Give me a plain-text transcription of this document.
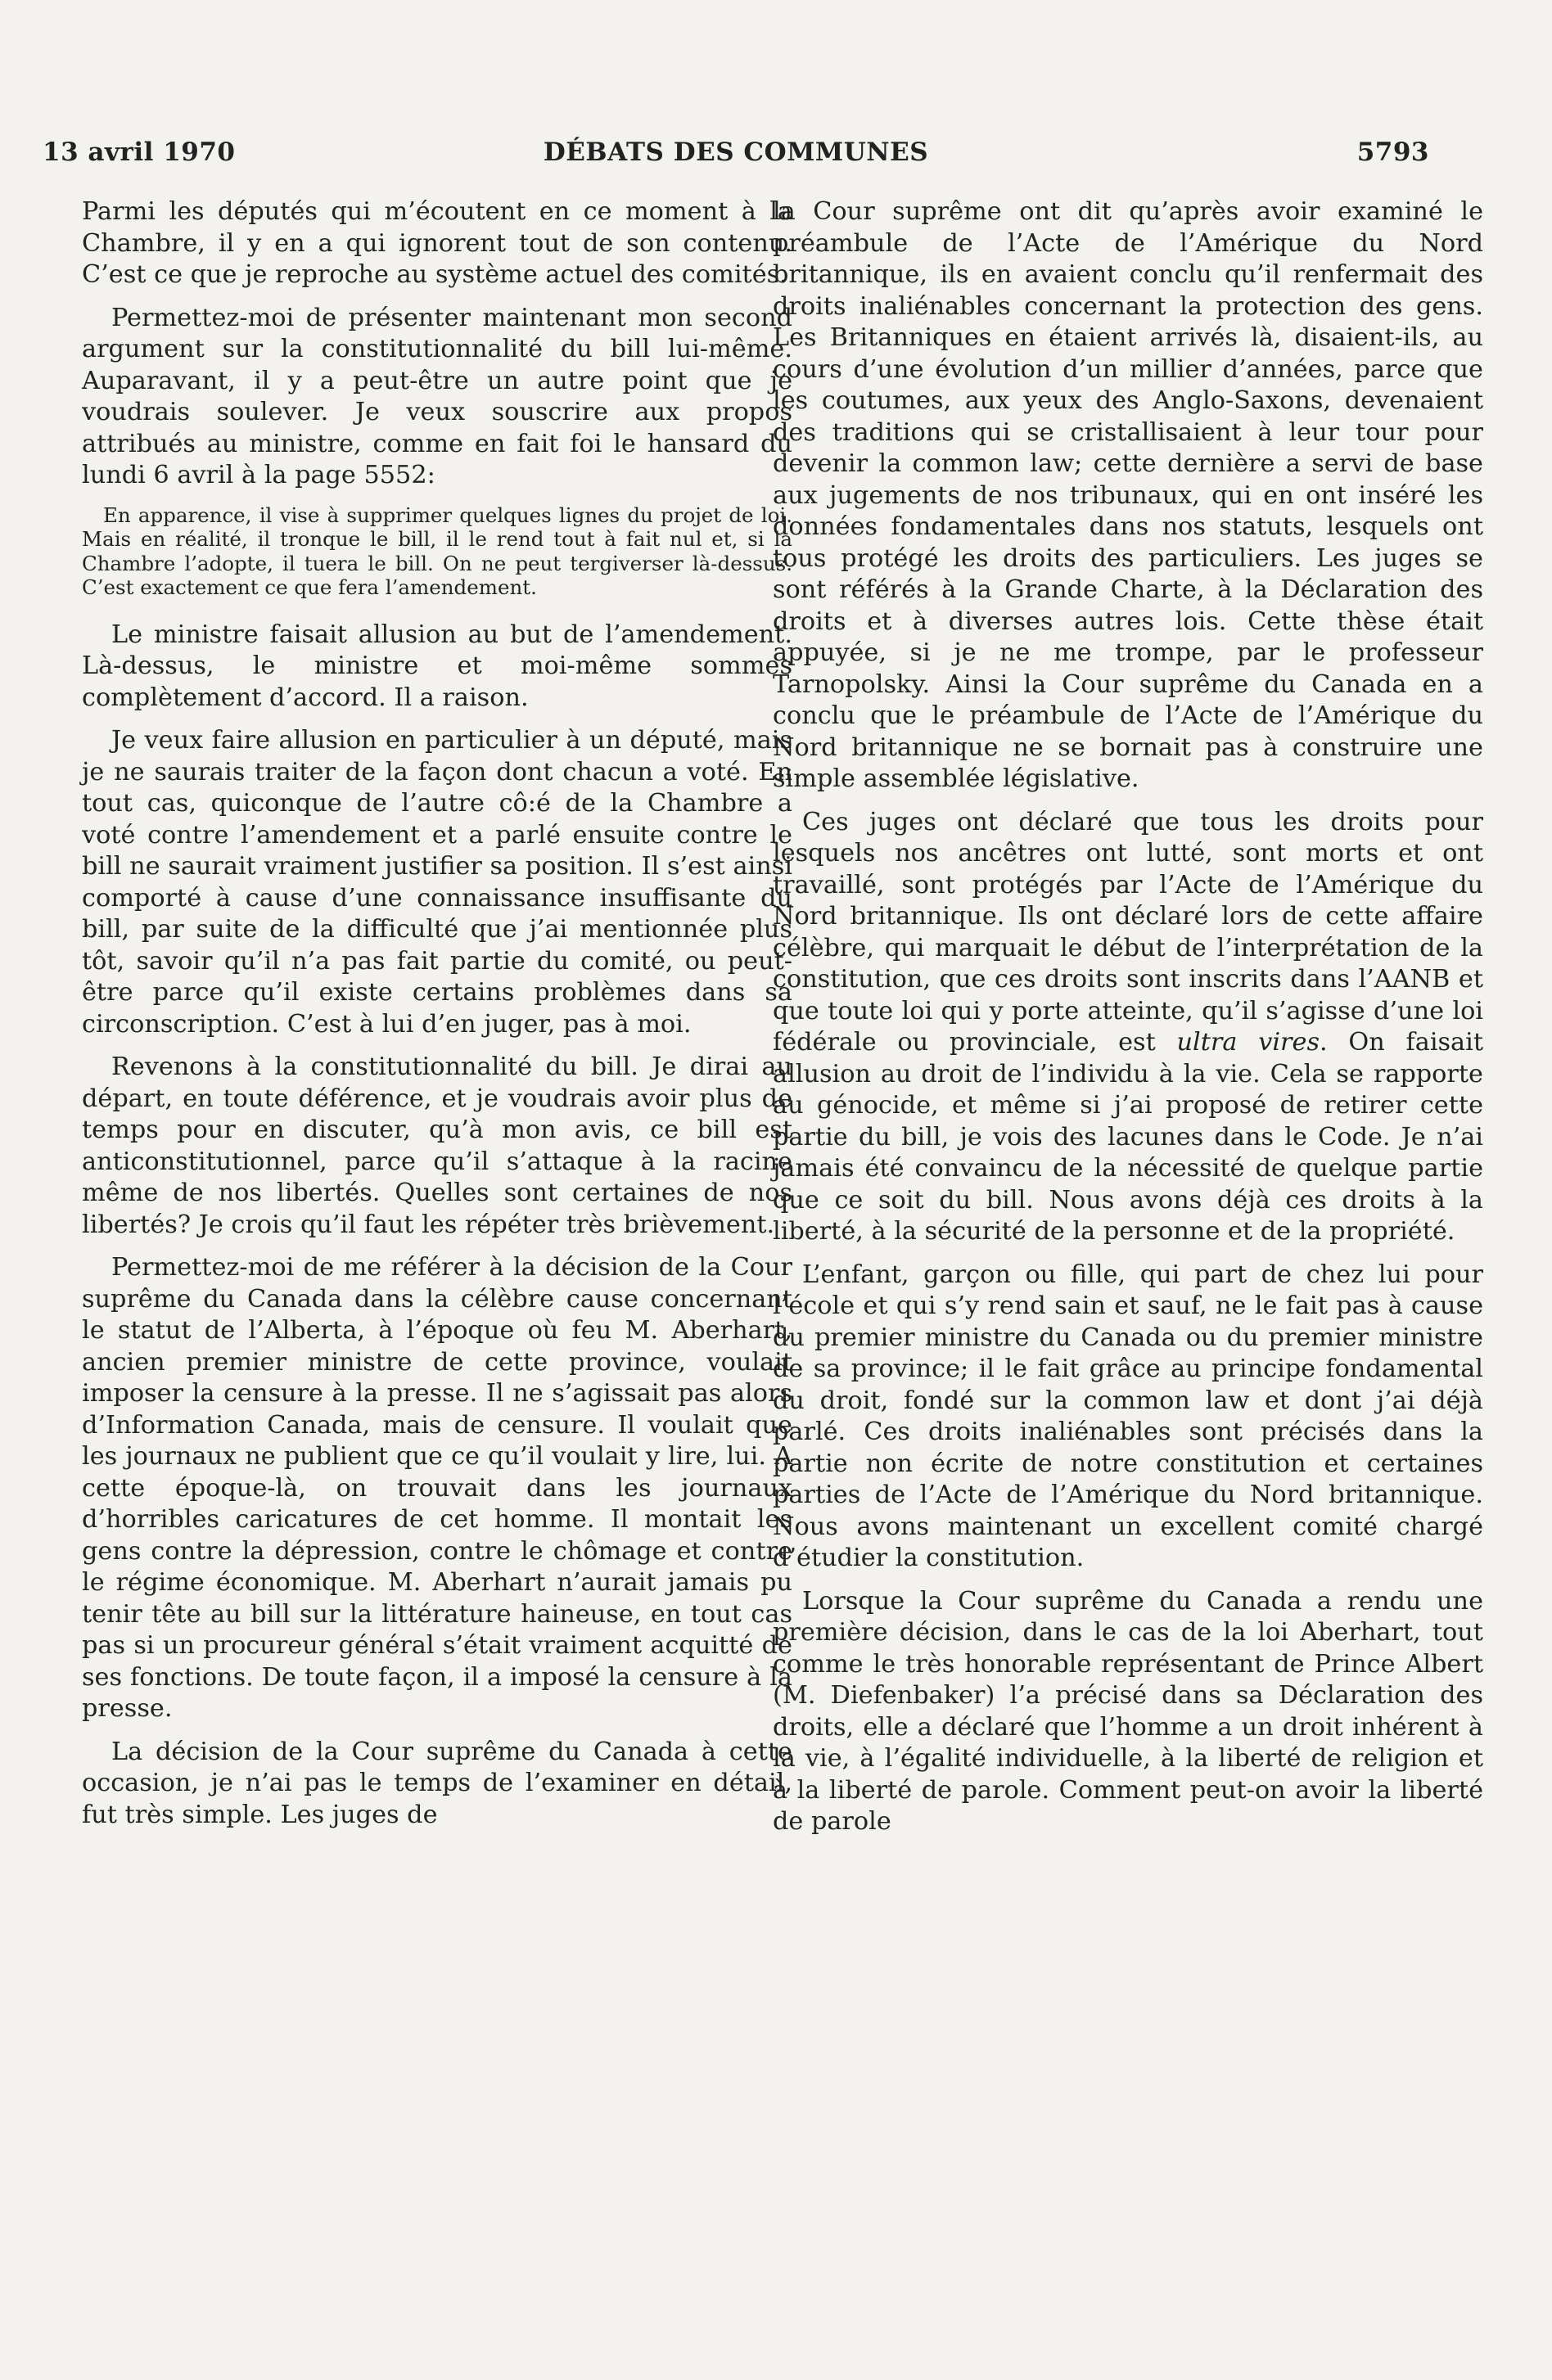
13 avril 1970	DÉBATS DES COMMUNES	5793

Parmi les députés qui m’écoutent en ce moment à la Chambre, il y en a qui ignorent tout de son contenu. C’est ce que je reproche au système actuel des comités.

Permettez-moi de présenter maintenant mon second argument sur la constitutionnalité du bill lui-même. Auparavant, il y a peut-être un autre point que je voudrais soulever. Je veux souscrire aux propos attribués au ministre, comme en fait foi le hansard du lundi 6 avril à la page 5552:

En apparence, il vise à supprimer quelques lignes du projet de loi. Mais en réalité, il tronque le bill, il le rend tout à fait nul et, si la Chambre l’adopte, il tuera le bill. On ne peut tergiverser là-dessus. C’est exactement ce que fera l’amendement.

Le ministre faisait allusion au but de l’amendement. Là-dessus, le ministre et moi-même sommes complètement d’accord. Il a raison.

Je veux faire allusion en particulier à un député, mais je ne saurais traiter de la façon dont chacun a voté. En tout cas, quiconque de l’autre cô:é de la Chambre a voté contre l’amendement et a parlé ensuite contre le bill ne saurait vraiment justifier sa position. Il s’est ainsi comporté à cause d’une connaissance insuffisante du bill, par suite de la difficulté que j’ai mentionnée plus tôt, savoir qu’il n’a pas fait partie du comité, ou peut-être parce qu’il existe certains problèmes dans sa circonscription. C’est à lui d’en juger, pas à moi.

Revenons à la constitutionnalité du bill. Je dirai au départ, en toute déférence, et je voudrais avoir plus de temps pour en discuter, qu’à mon avis, ce bill est anticonstitutionnel, parce qu’il s’attaque à la racine même de nos libertés. Quelles sont certaines de nos libertés? Je crois qu’il faut les répéter très brièvement.

Permettez-moi de me référer à la décision de la Cour suprême du Canada dans la célèbre cause concernant le statut de l’Alberta, à l’époque où feu M. Aberhart, ancien premier ministre de cette province, voulait imposer la censure à la presse. Il ne s’agissait pas alors d’Information Canada, mais de censure. Il voulait que les journaux ne publient que ce qu’il voulait y lire, lui. A cette époque-là, on trouvait dans les journaux d’horribles caricatures de cet homme. Il montait les gens contre la dépression, contre le chômage et contre le régime économique. M. Aberhart n’aurait jamais pu tenir tête au bill sur la littérature haineuse, en tout cas pas si un procureur général s’était vraiment acquitté de ses fonctions. De toute façon, il a imposé la censure à la presse.

La décision de la Cour suprême du Canada à cette occasion, je n’ai pas le temps de l’examiner en détail, fut très simple. Les juges de

la Cour suprême ont dit qu’après avoir examiné le préambule de l’Acte de l’Amérique du Nord britannique, ils en avaient conclu qu’il renfermait des droits inaliénables concernant la protection des gens. Les Britanniques en étaient arrivés là, disaient-ils, au cours d’une évolution d’un millier d’années, parce que les coutumes, aux yeux des Anglo-Saxons, devenaient des traditions qui se cristallisaient à leur tour pour devenir la common law; cette dernière a servi de base aux jugements de nos tribunaux, qui en ont inséré les données fondamentales dans nos statuts, lesquels ont tous protégé les droits des particuliers. Les juges se sont référés à la Grande Charte, à la Déclaration des droits et à diverses autres lois. Cette thèse était appuyée, si je ne me trompe, par le professeur Tarnopolsky. Ainsi la Cour suprême du Canada en a conclu que le préambule de l’Acte de l’Amérique du Nord britannique ne se bornait pas à construire une simple assemblée législative.

Ces juges ont déclaré que tous les droits pour lesquels nos ancêtres ont lutté, sont morts et ont travaillé, sont protégés par l’Acte de l’Amérique du Nord britannique. Ils ont déclaré lors de cette affaire célèbre, qui marquait le début de l’interprétation de la constitution, que ces droits sont inscrits dans l’AANB et que toute loi qui y porte atteinte, qu’il s’agisse d’une loi fédérale ou provinciale, est ultra vires. On faisait allusion au droit de l’individu à la vie. Cela se rapporte au génocide, et même si j’ai proposé de retirer cette partie du bill, je vois des lacunes dans le Code. Je n’ai jamais été convaincu de la nécessité de quelque partie que ce soit du bill. Nous avons déjà ces droits à la liberté, à la sécurité de la personne et de la propriété.

L’enfant, garçon ou fille, qui part de chez lui pour l’école et qui s’y rend sain et sauf, ne le fait pas à cause du premier ministre du Canada ou du premier ministre de sa province; il le fait grâce au principe fondamental du droit, fondé sur la common law et dont j’ai déjà parlé. Ces droits inaliénables sont précisés dans la partie non écrite de notre constitution et certaines parties de l’Acte de l’Amérique du Nord britannique. Nous avons maintenant un excellent comité chargé d’étudier la constitution.

Lorsque la Cour suprême du Canada a rendu une première décision, dans le cas de la loi Aberhart, tout comme le très honorable représentant de Prince Albert (M. Diefenbaker) l’a précisé dans sa Déclaration des droits, elle a déclaré que l’homme a un droit inhérent à la vie, à l’égalité individuelle, à la liberté de religion et à la liberté de parole. Comment peut-on avoir la liberté de parole
